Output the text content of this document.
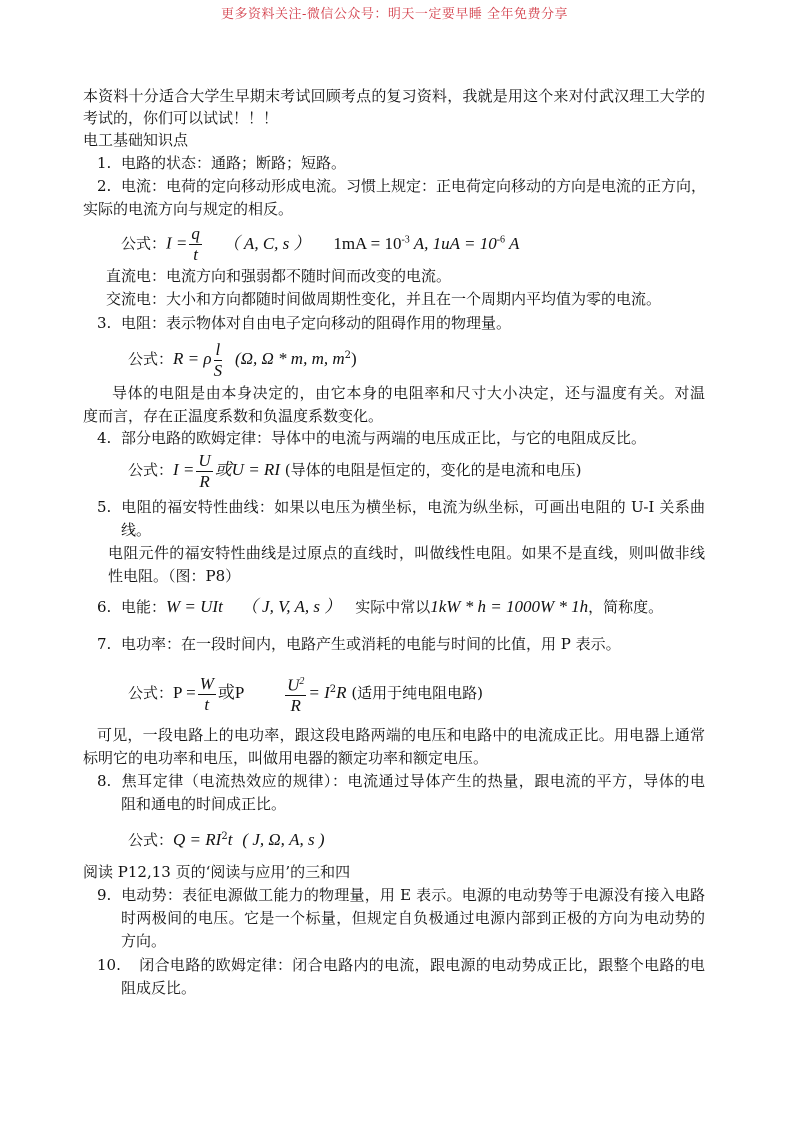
更多资料关注-微信公众号：明天一定要早睡 全年免费分享
本资料十分适合大学生早期末考试回顾考点的复习资料，我就是用这个来对付武汉理工大学的
考试的，你们可以试试！！！
电工基础知识点
1. 电路的状态：通路；断路；短路。
2. 电流：电荷的定向移动形成电流。习惯上规定：正电荷定向移动的方向是电流的正方向，
实际的电流方向与规定的相反。
公式：$I = \frac{q}{t}$ （ A, C, s ） $1mA = 10^{-3}$ A, $1uA = 10^{-6}$ A
直流电：电流方向和强弱都不随时间而改变的电流。
交流电：大小和方向都随时间做周期性变化，并且在一个周期内平均值为零的电流。
3. 电阻：表示物体对自由电子定向移动的阻碍作用的物理量。
公式：R = ρ $\frac{l}{S} (\Omega$, Ω * m, m, $m^2$)
导体的电阻是由本身决定的，由它本身的电阻率和尺寸大小决定，还与温度有关。对温
度而言，存在正温度系数和负温度系数变化。
4. 部分电路的欧姆定律：导体中的电流与两端的电压成正比，与它的电阻成反比。
公式：$I = \frac{U}{R}$ 或U = RI (导体的电阻是恒定的，变化的是电流和电压)
5. 电阻的福安特性曲线：如果以电压为横坐标，电流为纵坐标，可画出电阻的 U-I 关系曲
线。
电阻元件的福安特性曲线是过原点的直线时，叫做线性电阻。如果不是直线，则叫做非线
性电阻。（图：P8）
6. 电能：W = UIt （ J, V, A, s ） 实际中常以1kW * h = 1000W * 1h，简称度。
7. 电功率：在一段时间内，电路产生或消耗的电能与时间的比值，用 P 表示。
公式：$P = \frac{W}{t}$ 或P $\frac{U^2}{R} = I^2R$ (适用于纯电阻电路)
可见，一段电路上的电功率，跟这段电路两端的电压和电路中的电流成正比。用电器上通常
标明它的电功率和电压，叫做用电器的额定功率和额定电压。
8. 焦耳定律（电流热效应的规律）：电流通过导体产生的热量，跟电流的平方，导体的电
阻和通电的时间成正比。
公式：$Q = RI^2t$ ( J, Ω, A, s )
阅读 P12,13 页的‘阅读与应用’的三和四
9. 电动势：表征电源做工能力的物理量，用 E 表示。电源的电动势等于电源没有接入电路
时两极间的电压。它是一个标量，但规定自负极通过电源内部到正极的方向为电动势的
方向。
10. 闭合电路的欧姆定律：闭合电路内的电流，跟电源的电动势成正比，跟整个电路的电
阻成反比。
